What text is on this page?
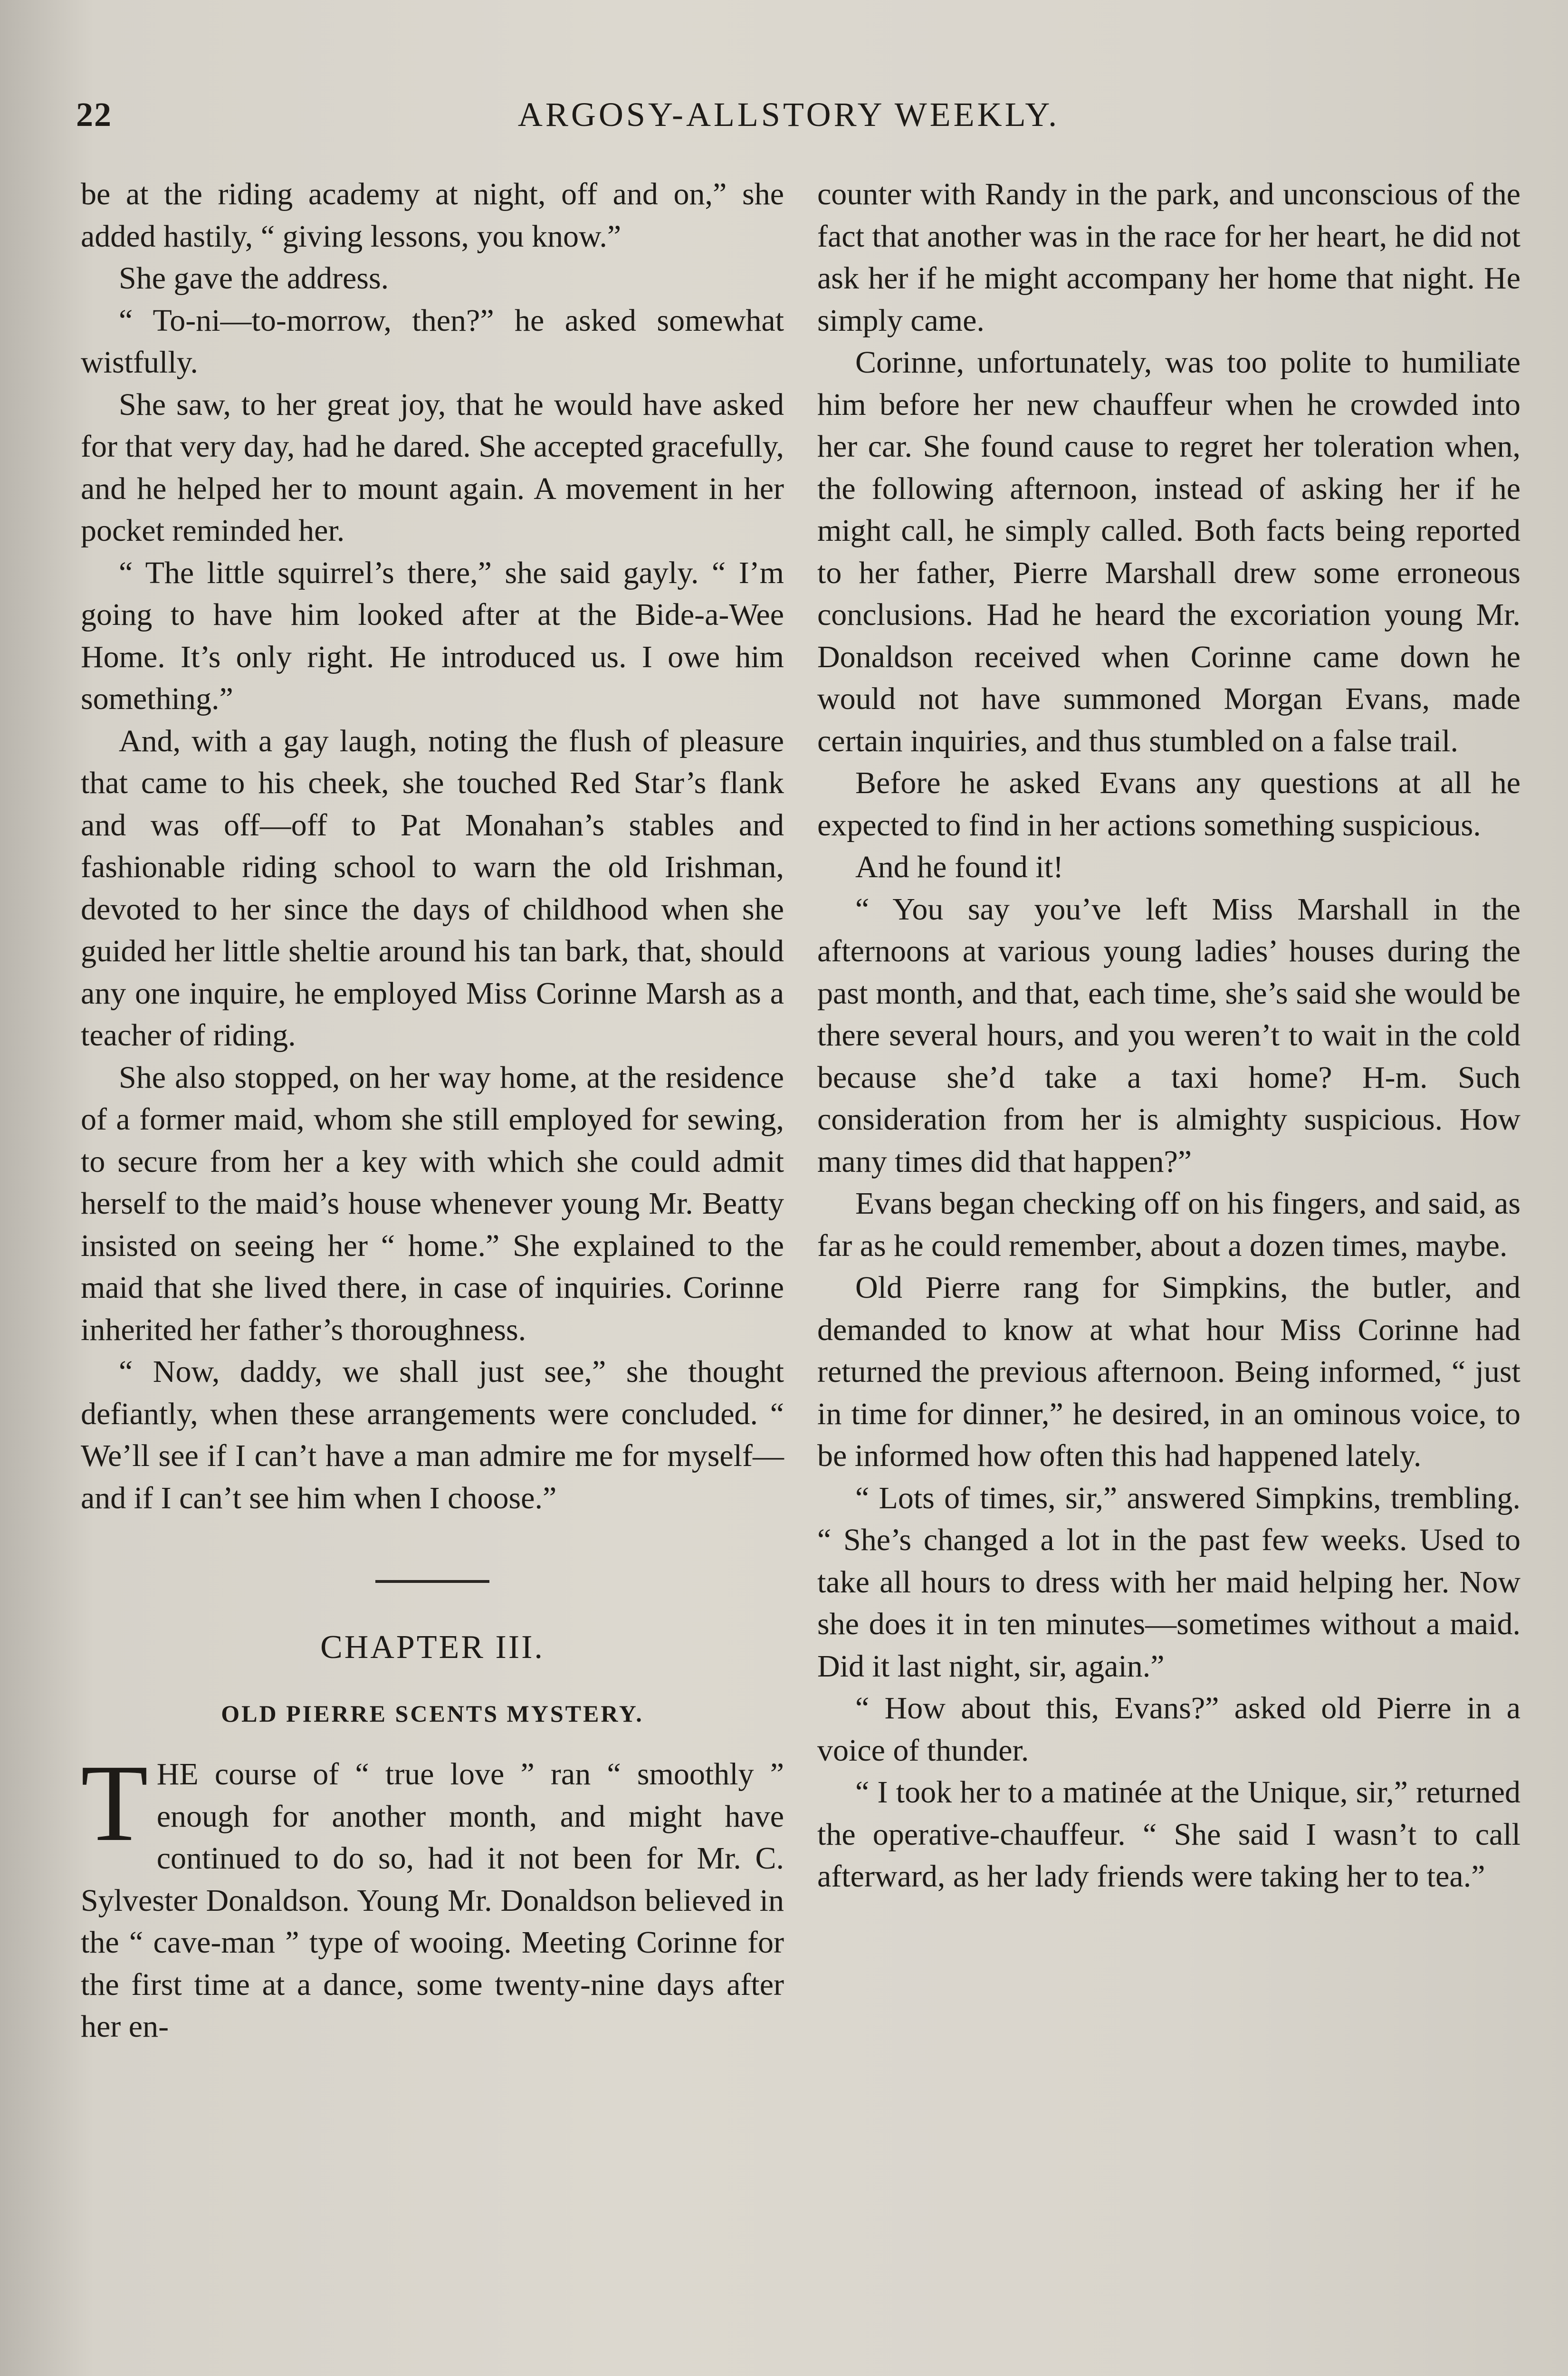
22	ARGOSY-ALLSTORY WEEKLY.

be at the riding academy at night, off and on,” she added hastily, “ giving lessons, you know.”

She gave the address.

“ To-ni—to-morrow, then?” he asked somewhat wistfully.

She saw, to her great joy, that he would have asked for that very day, had he dared. She accepted gracefully, and he helped her to mount again. A movement in her pocket reminded her.

“ The little squirrel’s there,” she said gayly. “ I’m going to have him looked after at the Bide-a-Wee Home. It’s only right. He introduced us. I owe him something.”

And, with a gay laugh, noting the flush of pleasure that came to his cheek, she touched Red Star’s flank and was off—off to Pat Monahan’s stables and fashionable riding school to warn the old Irishman, devoted to her since the days of childhood when she guided her little sheltie around his tan bark, that, should any one inquire, he employed Miss Corinne Marsh as a teacher of riding.

She also stopped, on her way home, at the residence of a former maid, whom she still employed for sewing, to secure from her a key with which she could admit herself to the maid’s house whenever young Mr. Beatty insisted on seeing her “ home.” She explained to the maid that she lived there, in case of inquiries. Corinne inherited her father’s thoroughness.

“ Now, daddy, we shall just see,” she thought defiantly, when these arrangements were concluded. “ We’ll see if I can’t have a man admire me for myself—and if I can’t see him when I choose.”

CHAPTER III.
OLD PIERRE SCENTS MYSTERY.

THE course of “ true love ” ran “ smoothly ” enough for another month, and might have continued to do so, had it not been for Mr. C. Sylvester Donaldson. Young Mr. Donaldson believed in the “ cave-man ” type of wooing. Meeting Corinne for the first time at a dance, some twenty-nine days after her en-

counter with Randy in the park, and unconscious of the fact that another was in the race for her heart, he did not ask her if he might accompany her home that night. He simply came.

Corinne, unfortunately, was too polite to humiliate him before her new chauffeur when he crowded into her car. She found cause to regret her toleration when, the following afternoon, instead of asking her if he might call, he simply called. Both facts being reported to her father, Pierre Marshall drew some erroneous conclusions. Had he heard the excoriation young Mr. Donaldson received when Corinne came down he would not have summoned Morgan Evans, made certain inquiries, and thus stumbled on a false trail.

Before he asked Evans any questions at all he expected to find in her actions something suspicious.

And he found it!

“ You say you’ve left Miss Marshall in the afternoons at various young ladies’ houses during the past month, and that, each time, she’s said she would be there several hours, and you weren’t to wait in the cold because she’d take a taxi home? H-m. Such consideration from her is almighty suspicious. How many times did that happen?”

Evans began checking off on his fingers, and said, as far as he could remember, about a dozen times, maybe.

Old Pierre rang for Simpkins, the butler, and demanded to know at what hour Miss Corinne had returned the previous afternoon. Being informed, “ just in time for dinner,” he desired, in an ominous voice, to be informed how often this had happened lately.

“ Lots of times, sir,” answered Simpkins, trembling. “ She’s changed a lot in the past few weeks. Used to take all hours to dress with her maid helping her. Now she does it in ten minutes—sometimes without a maid. Did it last night, sir, again.”

“ How about this, Evans?” asked old Pierre in a voice of thunder.

“ I took her to a matinée at the Unique, sir,” returned the operative-chauffeur. “ She said I wasn’t to call afterward, as her lady friends were taking her to tea.”
